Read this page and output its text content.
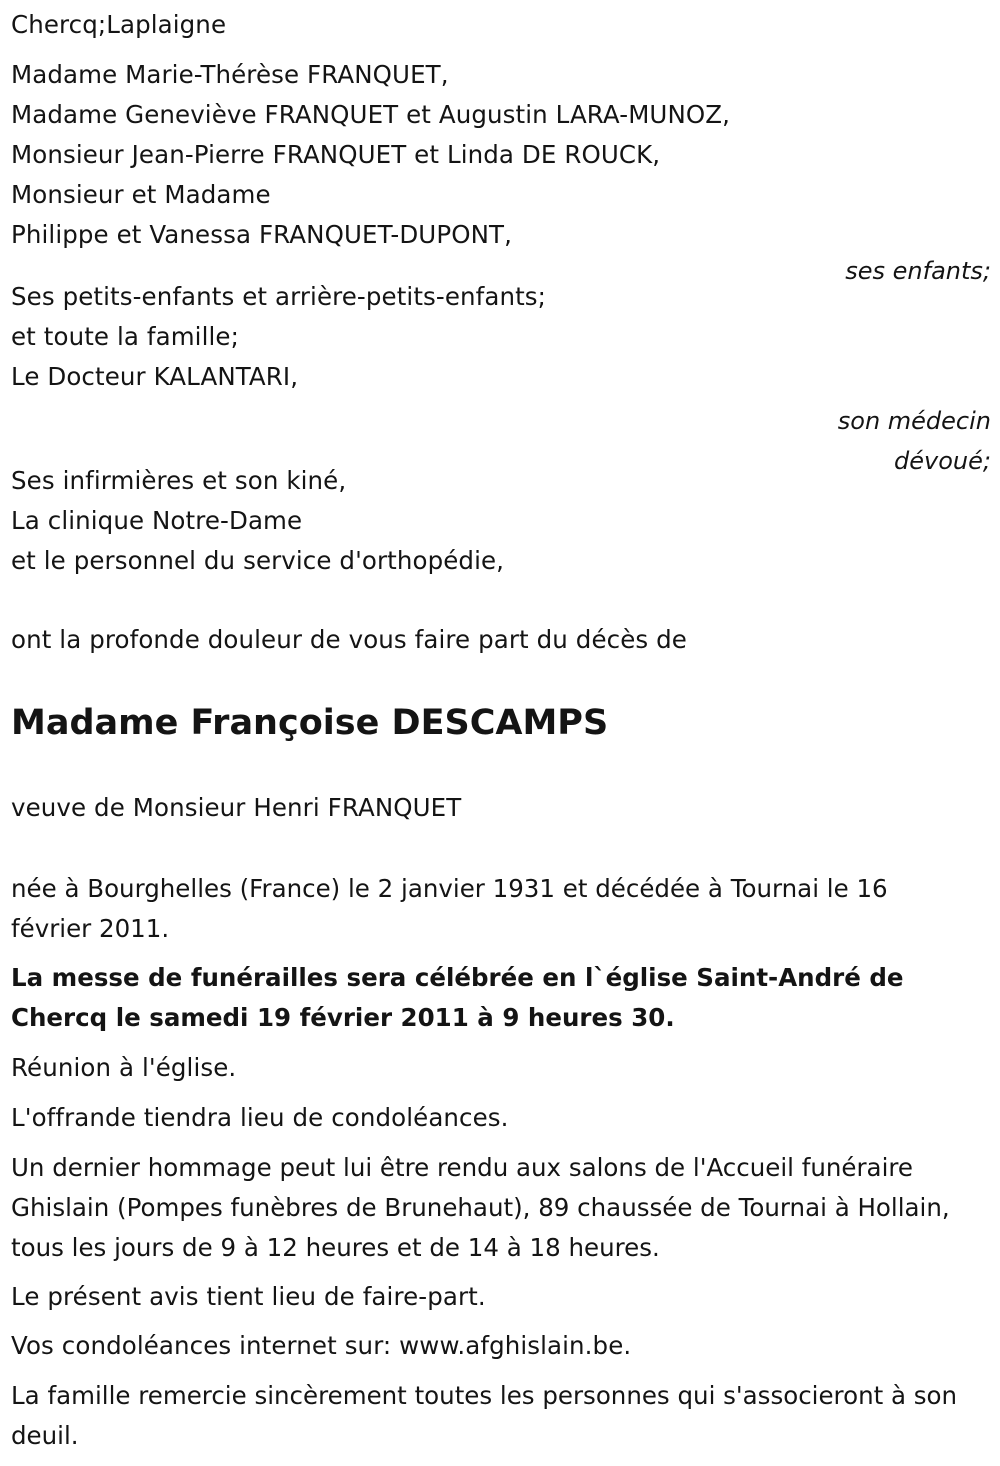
Chercq;Laplaigne
Madame Marie-Thérèse FRANQUET,
Madame Geneviève FRANQUET et Augustin LARA-MUNOZ,
Monsieur Jean-Pierre FRANQUET et Linda DE ROUCK,
Monsieur et Madame
Philippe et Vanessa FRANQUET-DUPONT,
ses enfants;
Ses petits-enfants et arrière-petits-enfants;
et toute la famille;
Le Docteur KALANTARI,
son médecin
dévoué;
Ses infirmières et son kiné,
La clinique Notre-Dame
et le personnel du service d'orthopédie,
ont la profonde douleur de vous faire part du décès de
Madame Françoise DESCAMPS
veuve de Monsieur Henri FRANQUET
née à Bourghelles (France) le 2 janvier 1931 et décédée à Tournai le 16 février 2011.
La messe de funérailles sera célébrée en l`église Saint-André de Chercq le samedi 19 février 2011 à 9 heures 30.
Réunion à l'église.
L'offrande tiendra lieu de condoléances.
Un dernier hommage peut lui être rendu aux salons de l'Accueil funéraire Ghislain (Pompes funèbres de Brunehaut), 89 chaussée de Tournai à Hollain, tous les jours de 9 à 12 heures et de 14 à 18 heures.
Le présent avis tient lieu de faire-part.
Vos condoléances internet sur: www.afghislain.be.
La famille remercie sincèrement toutes les personnes qui s'associeront à son deuil.
